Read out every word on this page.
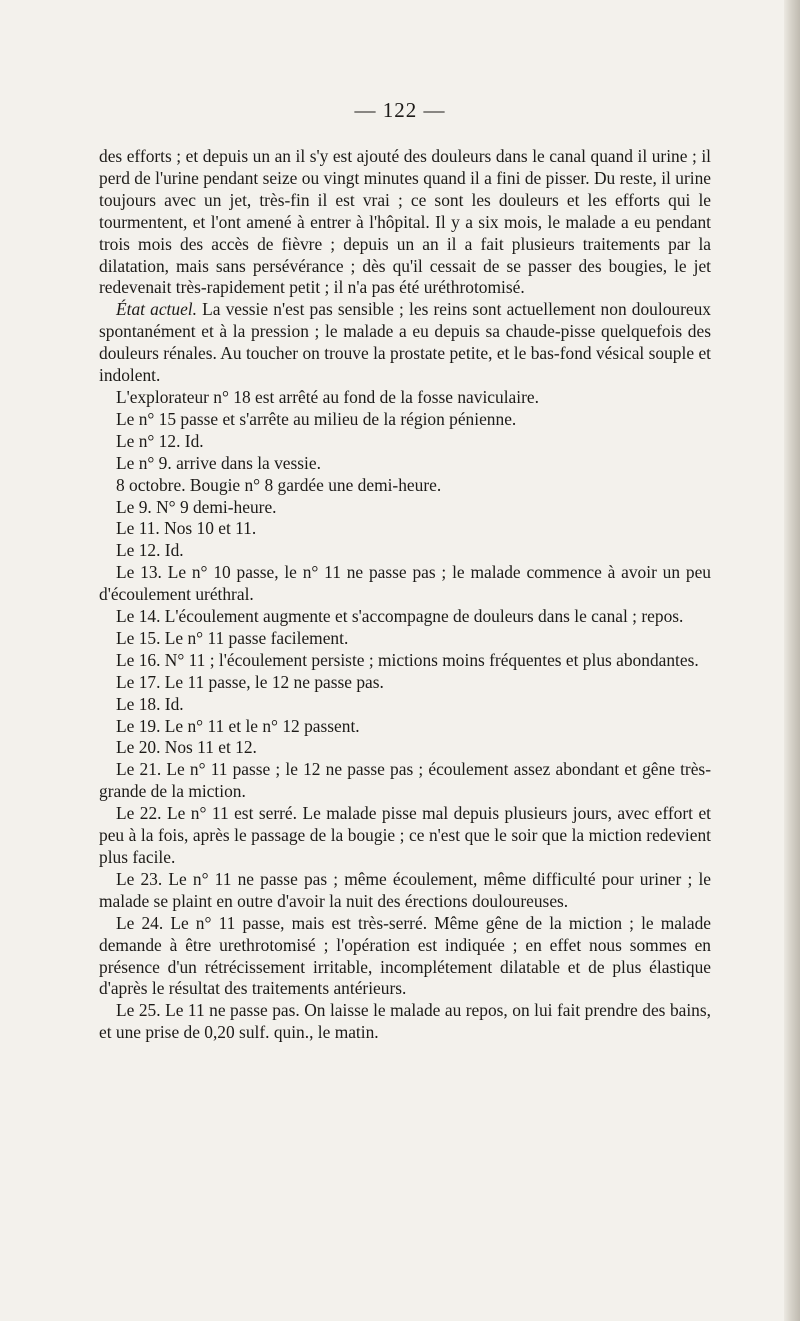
— 122 —

des efforts ; et depuis un an il s'y est ajouté des douleurs dans le canal quand il urine ; il perd de l'urine pendant seize ou vingt minutes quand il a fini de pisser. Du reste, il urine toujours avec un jet, très-fin il est vrai ; ce sont les douleurs et les efforts qui le tourmentent, et l'ont amené à entrer à l'hôpital. Il y a six mois, le malade a eu pendant trois mois des accès de fièvre ; depuis un an il a fait plusieurs traitements par la dilatation, mais sans persévérance ; dès qu'il cessait de se passer des bougies, le jet redevenait très-rapidement petit ; il n'a pas été uréthrotomisé.

État actuel. La vessie n'est pas sensible ; les reins sont actuellement non douloureux spontanément et à la pression ; le malade a eu depuis sa chaude-pisse quelquefois des douleurs rénales. Au toucher on trouve la prostate petite, et le bas-fond vésical souple et indolent.

L'explorateur n° 18 est arrêté au fond de la fosse naviculaire.

Le n° 15 passe et s'arrête au milieu de la région pénienne.

Le n° 12. Id.

Le n° 9. arrive dans la vessie.

8 octobre. Bougie n° 8 gardée une demi-heure.

Le 9. N° 9 demi-heure.

Le 11. Nos 10 et 11.

Le 12. Id.

Le 13. Le n° 10 passe, le n° 11 ne passe pas ; le malade commence à avoir un peu d'écoulement uréthral.

Le 14. L'écoulement augmente et s'accompagne de douleurs dans le canal ; repos.

Le 15. Le n° 11 passe facilement.

Le 16. N° 11 ; l'écoulement persiste ; mictions moins fréquentes et plus abondantes.

Le 17. Le 11 passe, le 12 ne passe pas.

Le 18. Id.

Le 19. Le n° 11 et le n° 12 passent.

Le 20. Nos 11 et 12.

Le 21. Le n° 11 passe ; le 12 ne passe pas ; écoulement assez abondant et gêne très-grande de la miction.

Le 22. Le n° 11 est serré. Le malade pisse mal depuis plusieurs jours, avec effort et peu à la fois, après le passage de la bougie ; ce n'est que le soir que la miction redevient plus facile.

Le 23. Le n° 11 ne passe pas ; même écoulement, même difficulté pour uriner ; le malade se plaint en outre d'avoir la nuit des érections douloureuses.

Le 24. Le n° 11 passe, mais est très-serré. Même gêne de la miction ; le malade demande à être urethrotomisé ; l'opération est indiquée ; en effet nous sommes en présence d'un rétrécissement irritable, incomplétement dilatable et de plus élastique d'après le résultat des traitements antérieurs.

Le 25. Le 11 ne passe pas. On laisse le malade au repos, on lui fait prendre des bains, et une prise de 0,20 sulf. quin., le matin.
